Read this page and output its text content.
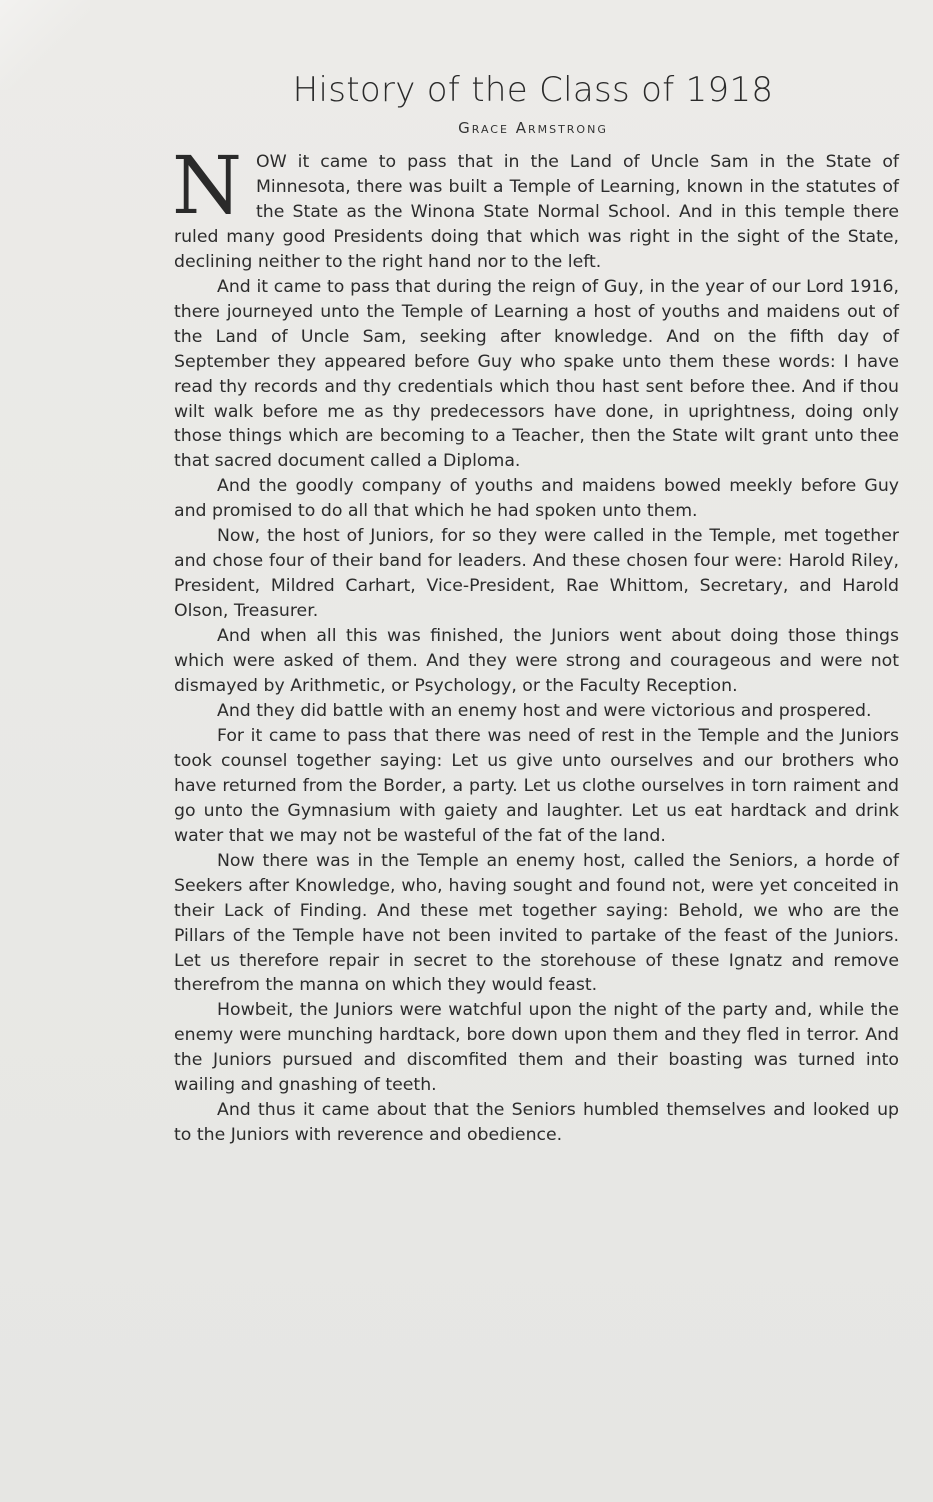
History of the Class of 1918
Grace Armstrong

NOW it came to pass that in the Land of Uncle Sam in the State of Minnesota, there was built a Temple of Learning, known in the statutes of the State as the Winona State Normal School. And in this temple there ruled many good Presidents doing that which was right in the sight of the State, declining neither to the right hand nor to the left.

And it came to pass that during the reign of Guy, in the year of our Lord 1916, there journeyed unto the Temple of Learning a host of youths and maidens out of the Land of Uncle Sam, seeking after knowledge. And on the fifth day of September they appeared before Guy who spake unto them these words: I have read thy records and thy credentials which thou hast sent before thee. And if thou wilt walk before me as thy predecessors have done, in uprightness, doing only those things which are becoming to a Teacher, then the State wilt grant unto thee that sacred document called a Diploma.

And the goodly company of youths and maidens bowed meekly before Guy and promised to do all that which he had spoken unto them.

Now, the host of Juniors, for so they were called in the Temple, met together and chose four of their band for leaders. And these chosen four were: Harold Riley, President, Mildred Carhart, Vice-President, Rae Whittom, Secretary, and Harold Olson, Treasurer.

And when all this was finished, the Juniors went about doing those things which were asked of them. And they were strong and courageous and were not dismayed by Arithmetic, or Psychology, or the Faculty Reception.

And they did battle with an enemy host and were victorious and prospered.

For it came to pass that there was need of rest in the Temple and the Juniors took counsel together saying: Let us give unto ourselves and our brothers who have returned from the Border, a party. Let us clothe ourselves in torn raiment and go unto the Gymnasium with gaiety and laughter. Let us eat hardtack and drink water that we may not be wasteful of the fat of the land.

Now there was in the Temple an enemy host, called the Seniors, a horde of Seekers after Knowledge, who, having sought and found not, were yet conceited in their Lack of Finding. And these met together saying: Behold, we who are the Pillars of the Temple have not been invited to partake of the feast of the Juniors. Let us therefore repair in secret to the storehouse of these Ignatz and remove therefrom the manna on which they would feast.

Howbeit, the Juniors were watchful upon the night of the party and, while the enemy were munching hardtack, bore down upon them and they fled in terror. And the Juniors pursued and discomfited them and their boasting was turned into wailing and gnashing of teeth.

And thus it came about that the Seniors humbled themselves and looked up to the Juniors with reverence and obedience.
